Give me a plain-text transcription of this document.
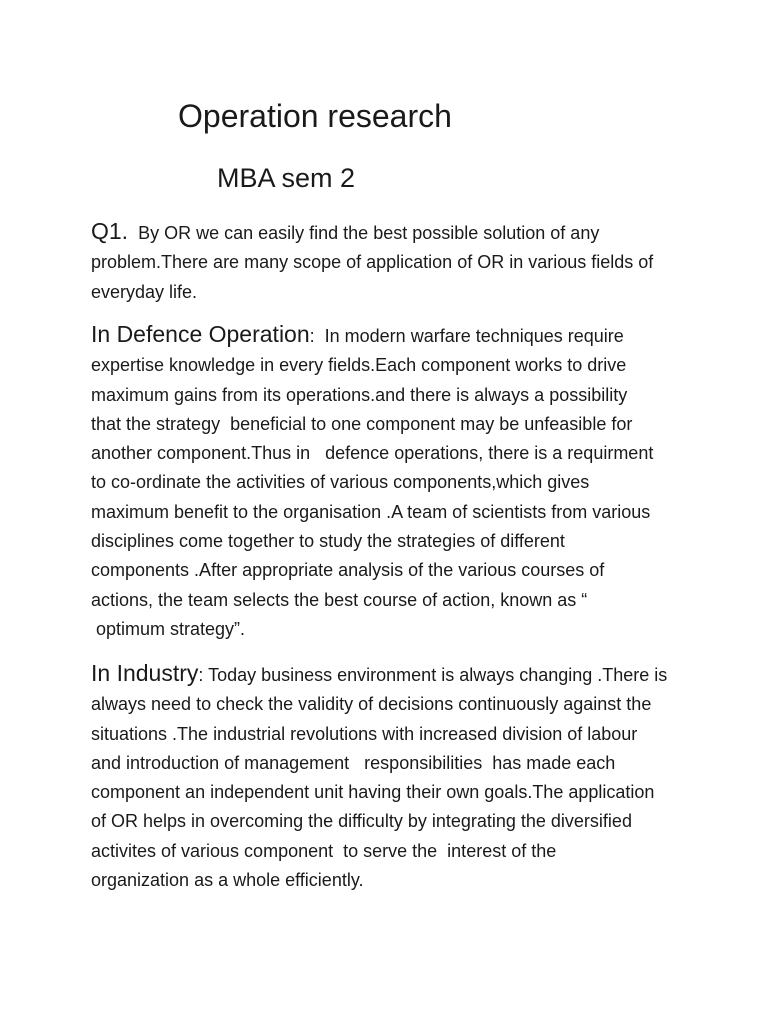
Operation research
MBA sem 2
Q1.  By OR we can easily find the best possible solution of any
problem.There are many scope of application of OR in various fields of
everyday life.
In Defence Operation:  In modern warfare techniques require
expertise knowledge in every fields.Each component works to drive
maximum gains from its operations.and there is always a possibility
that the strategy  beneficial to one component may be unfeasible for
another component.Thus in   defence operations, there is a requirment
to co-ordinate the activities of various components,which gives
maximum benefit to the organisation .A team of scientists from various
disciplines come together to study the strategies of different
components .After appropriate analysis of the various courses of
actions, the team selects the best course of action, known as “
optimum strategy”.
In Industry: Today business environment is always changing .There is
always need to check the validity of decisions continuously against the
situations .The industrial revolutions with increased division of labour
and introduction of management   responsibilities  has made each
component an independent unit having their own goals.The application
of OR helps in overcoming the difficulty by integrating the diversified
activites of various component  to serve the  interest of the
organization as a whole efficiently.
